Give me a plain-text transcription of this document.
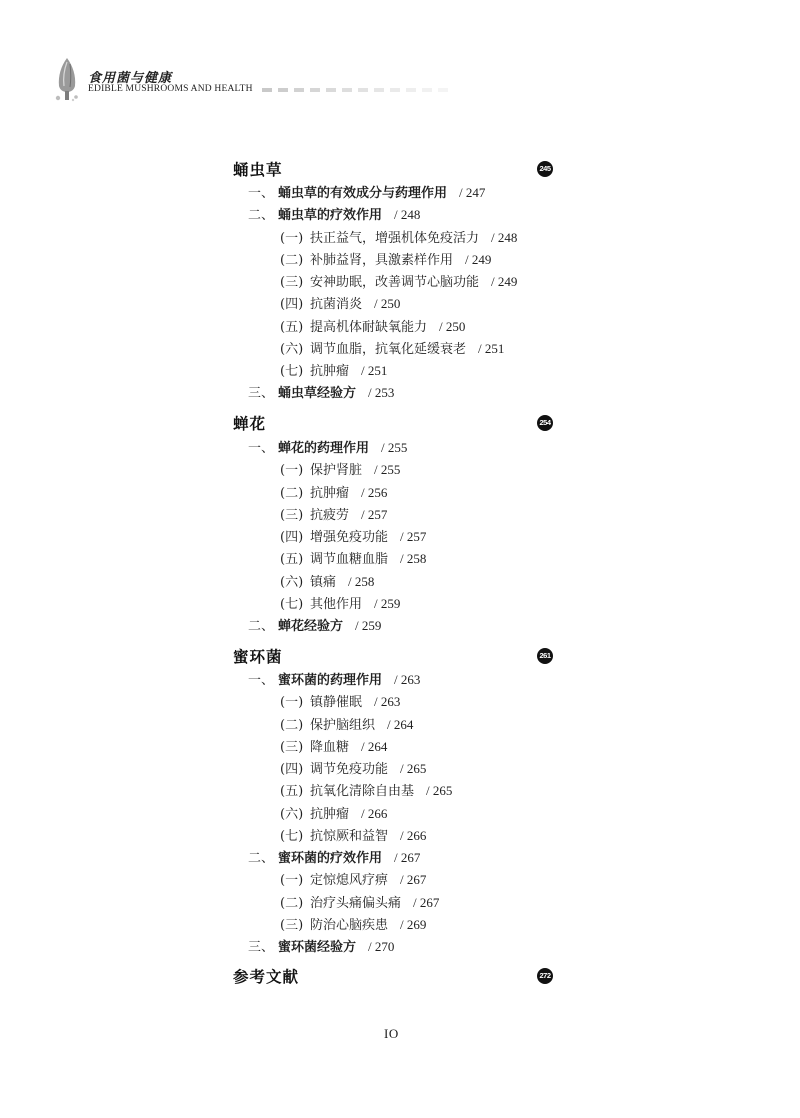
食用菌与健康
EDIBLE MUSHROOMS AND HEALTH
蛹虫草	245
一、 蛹虫草的有效成分与药理作用 / 247
二、 蛹虫草的疗效作用 / 248
(一) 扶正益气，增强机体免疫活力 / 248
(二) 补肺益肾，具激素样作用 / 249
(三) 安神助眠，改善调节心脑功能 / 249
(四) 抗菌消炎 / 250
(五) 提高机体耐缺氧能力 / 250
(六) 调节血脂，抗氧化延缓衰老 / 251
(七) 抗肿瘤 / 251
三、 蛹虫草经验方 / 253
蝉花	254
一、 蝉花的药理作用 / 255
(一) 保护肾脏 / 255
(二) 抗肿瘤 / 256
(三) 抗疲劳 / 257
(四) 增强免疫功能 / 257
(五) 调节血糖血脂 / 258
(六) 镇痛 / 258
(七) 其他作用 / 259
二、 蝉花经验方 / 259
蜜环菌	261
一、 蜜环菌的药理作用 / 263
(一) 镇静催眠 / 263
(二) 保护脑组织 / 264
(三) 降血糖 / 264
(四) 调节免疫功能 / 265
(五) 抗氧化清除自由基 / 265
(六) 抗肿瘤 / 266
(七) 抗惊厥和益智 / 266
二、 蜜环菌的疗效作用 / 267
(一) 定惊熄风疗痹 / 267
(二) 治疗头痛偏头痛 / 267
(三) 防治心脑疾患 / 269
三、 蜜环菌经验方 / 270
参考文献	272
IO
